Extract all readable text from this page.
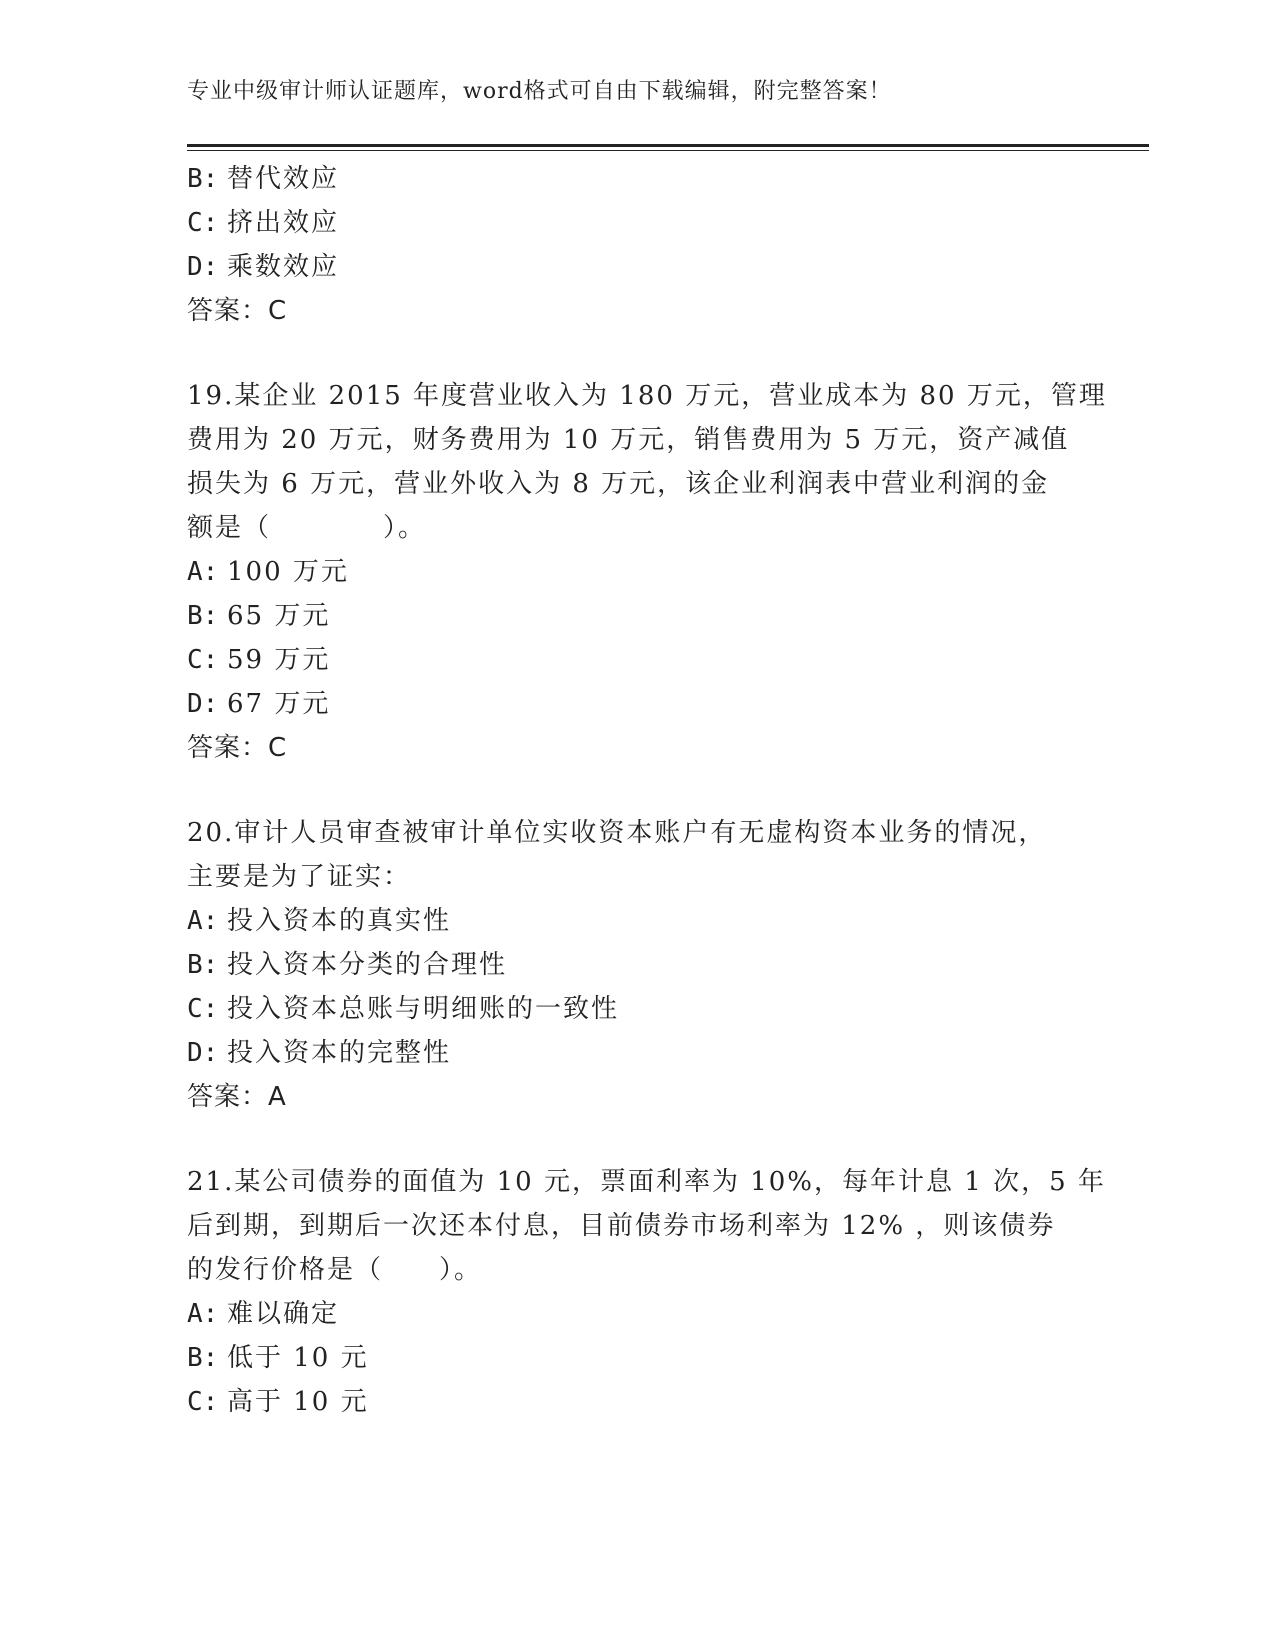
专业中级审计师认证题库，word格式可自由下载编辑，附完整答案！
B: 替代效应
C: 挤出效应
D: 乘数效应
答案：C
19.某企业 2015 年度营业收入为 180 万元，营业成本为 80 万元，管理
费用为 20 万元，财务费用为 10 万元，销售费用为 5 万元，资产减值
损失为 6 万元，营业外收入为 8 万元，该企业利润表中营业利润的金
额是（　　　　）。
A: 100 万元
B: 65 万元
C: 59 万元
D: 67 万元
答案：C
20.审计人员审查被审计单位实收资本账户有无虚构资本业务的情况，
主要是为了证实：
A: 投入资本的真实性
B: 投入资本分类的合理性
C: 投入资本总账与明细账的一致性
D: 投入资本的完整性
答案：A
21.某公司债券的面值为 10 元，票面利率为 10%，每年计息 1 次，5 年
后到期，到期后一次还本付息，目前债券市场利率为 12% ，则该债券
的发行价格是（　　）。
A: 难以确定
B: 低于 10 元
C: 高于 10 元
